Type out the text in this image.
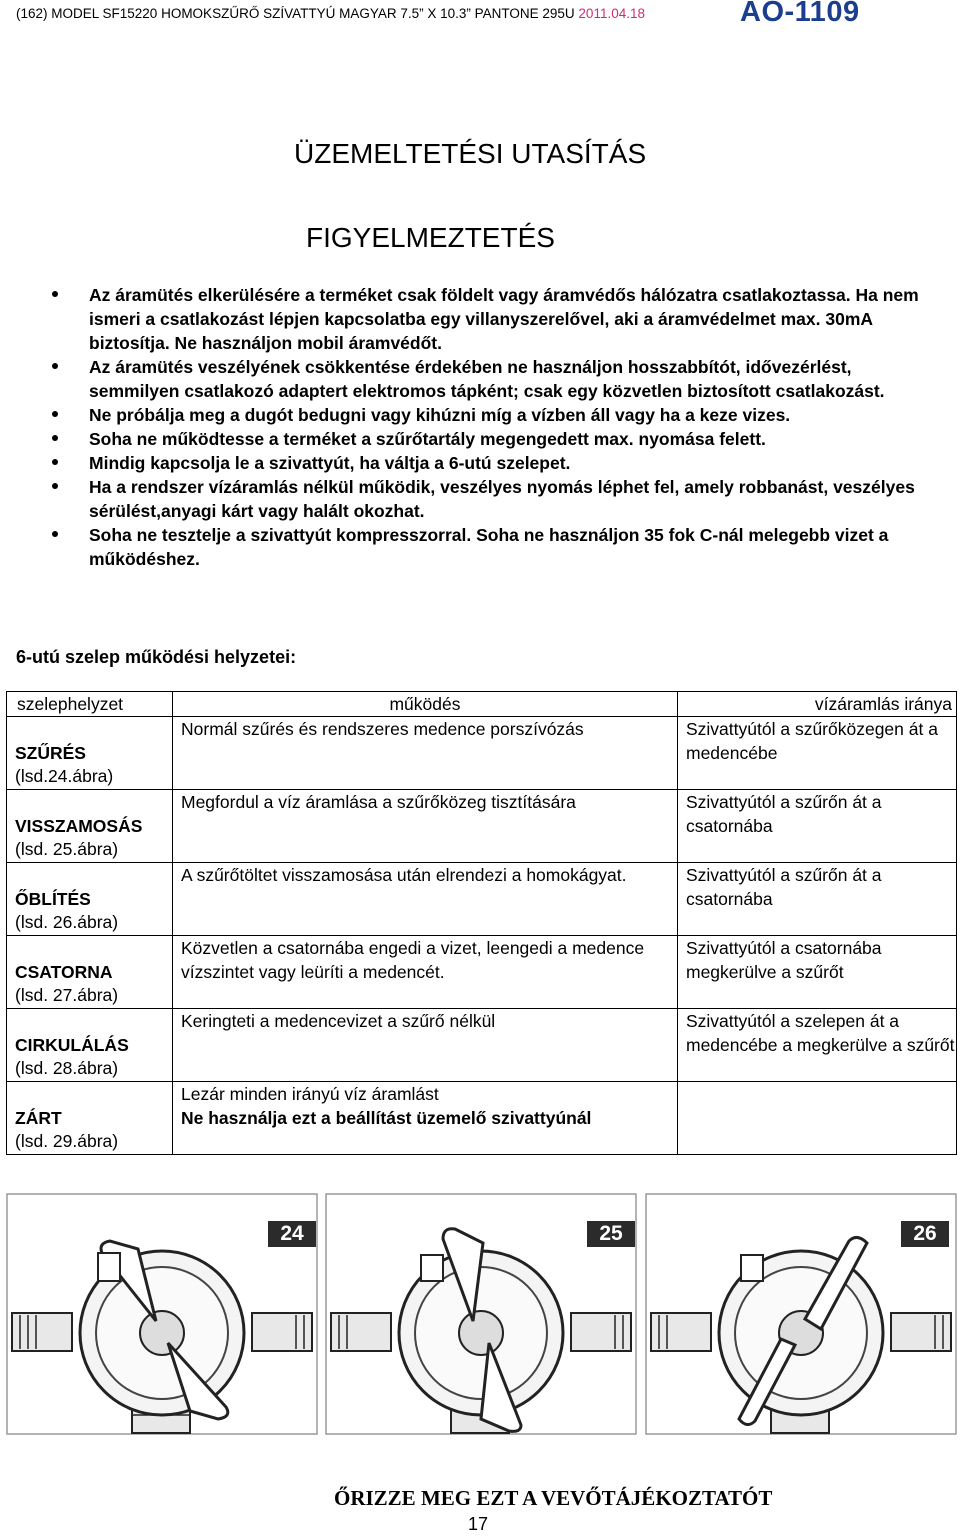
(162) MODEL SF15220 HOMOKSZŰRŐ SZÍVATTYÚ MAGYAR 7.5” X 10.3” PANTONE 295U 2011.04.18	AO-1109
ÜZEMELTETÉSI UTASÍTÁS
FIGYELMEZTETÉS
Az áramütés elkerülésére a terméket csak földelt vagy áramvédős hálózatra csatlakoztassa. Ha nem ismeri a csatlakozást lépjen kapcsolatba egy villanyszerelővel, aki a áramvédelmet max. 30mA biztosítja. Ne használjon mobil áramvédőt.
Az áramütés veszélyének csökkentése érdekében ne használjon hosszabbítót, idővezérlést, semmilyen csatlakozó adaptert elektromos tápként; csak egy közvetlen biztosított csatlakozást.
Ne próbálja meg a dugót bedugni vagy kihúzni míg a vízben áll vagy ha a keze vizes.
Soha ne működtesse a terméket a szűrőtartály megengedett max. nyomása felett.
Mindig kapcsolja le a szivattyút, ha váltja a 6-utú szelepet.
Ha a rendszer vízáramlás nélkül működik, veszélyes nyomás léphet fel, amely robbanást, veszélyes sérülést,anyagi kárt vagy halált okozhat.
Soha ne tesztelje a szivattyút kompresszorral. Soha ne használjon 35 fok C-nál melegebb vizet a működéshez.
6-utú szelep működési helyzetei:
szelephelyzet	működés	vízáramlás iránya

SZŰRÉS
(lsd.24.ábra)	Normál szűrés és rendszeres medence porszívózás	Szivattyútól a szűrőközegen át a medencébe

VISSZAMOSÁS
(lsd. 25.ábra)	Megfordul a víz áramlása a szűrőközeg tisztítására	Szivattyútól a szűrőn át a csatornába

ŐBLÍTÉS
(lsd. 26.ábra)	A szűrőtöltet visszamosása után elrendezi a homokágyat.	Szivattyútól a szűrőn át a csatornába

CSATORNA
(lsd. 27.ábra)	Közvetlen a csatornába engedi a vizet, leengedi a medence vízszintet vagy leüríti a medencét.	Szivattyútól a csatornába megkerülve a szűrőt

CIRKULÁLÁS
(lsd. 28.ábra)	Keringteti a medencevizet a szűrő nélkül	Szivattyútól a szelepen át a medencébe a megkerülve a szűrőt

ZÁRT
(lsd. 29.ábra)	Lezár minden irányú víz áramlást
Ne használja ezt a beállítást üzemelő szivattyúnál	
24	25	26
ŐRIZZE MEG EZT A VEVŐTÁJÉKOZTATÓT
17
